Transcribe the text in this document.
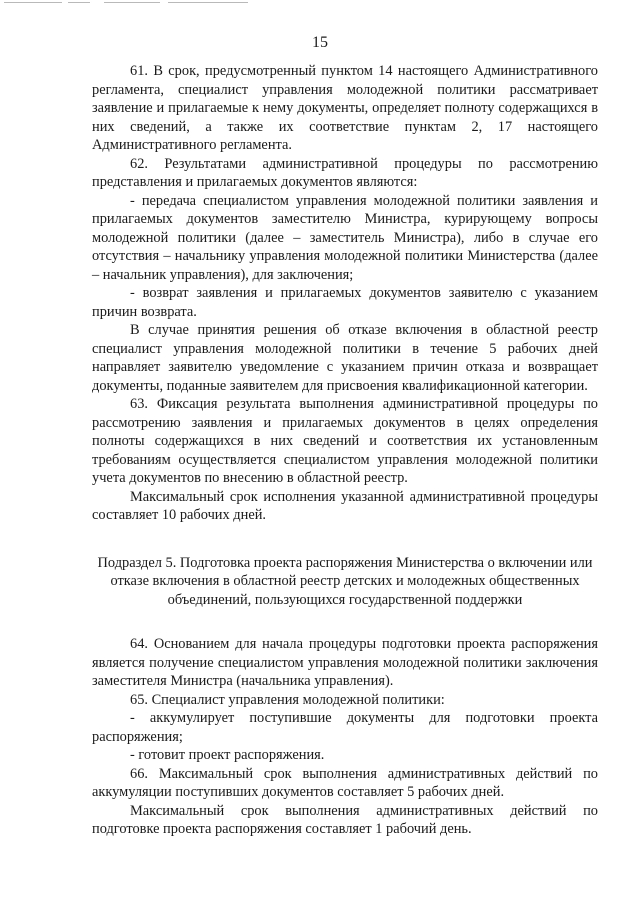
15

61. В срок, предусмотренный пунктом 14 настоящего Административного регламента, специалист управления молодежной политики рассматривает заявление и прилагаемые к нему документы, определяет полноту содержащихся в них сведений, а также их соответствие пунктам 2, 17 настоящего Административного регламента.

62. Результатами административной процедуры по рассмотрению представления и прилагаемых документов являются:

- передача специалистом управления молодежной политики заявления и прилагаемых документов заместителю Министра, курирующему вопросы молодежной политики (далее – заместитель Министра), либо в случае его отсутствия – начальнику управления молодежной политики Министерства (далее – начальник управления), для заключения;

- возврат заявления и прилагаемых документов заявителю с указанием причин возврата.

В случае принятия решения об отказе включения в областной реестр специалист управления молодежной политики в течение 5 рабочих дней направляет заявителю уведомление с указанием причин отказа и возвращает документы, поданные заявителем для присвоения квалификационной категории.

63. Фиксация результата выполнения административной процедуры по рассмотрению заявления и прилагаемых документов в целях определения полноты содержащихся в них сведений и соответствия их установленным требованиям осуществляется специалистом управления молодежной политики учета документов по внесению в областной реестр.

Максимальный срок исполнения указанной административной процедуры составляет 10 рабочих дней.

Подраздел 5. Подготовка проекта распоряжения Министерства о включении или отказе включения в областной реестр детских и молодежных общественных объединений, пользующихся государственной поддержки

64. Основанием для начала процедуры подготовки проекта распоряжения является получение специалистом управления молодежной политики заключения заместителя Министра (начальника управления).

65. Специалист управления молодежной политики:

- аккумулирует поступившие документы для подготовки проекта распоряжения;

- готовит проект распоряжения.

66. Максимальный срок выполнения административных действий по аккумуляции поступивших документов составляет 5 рабочих дней.

Максимальный срок выполнения административных действий по подготовке проекта распоряжения составляет 1 рабочий день.
